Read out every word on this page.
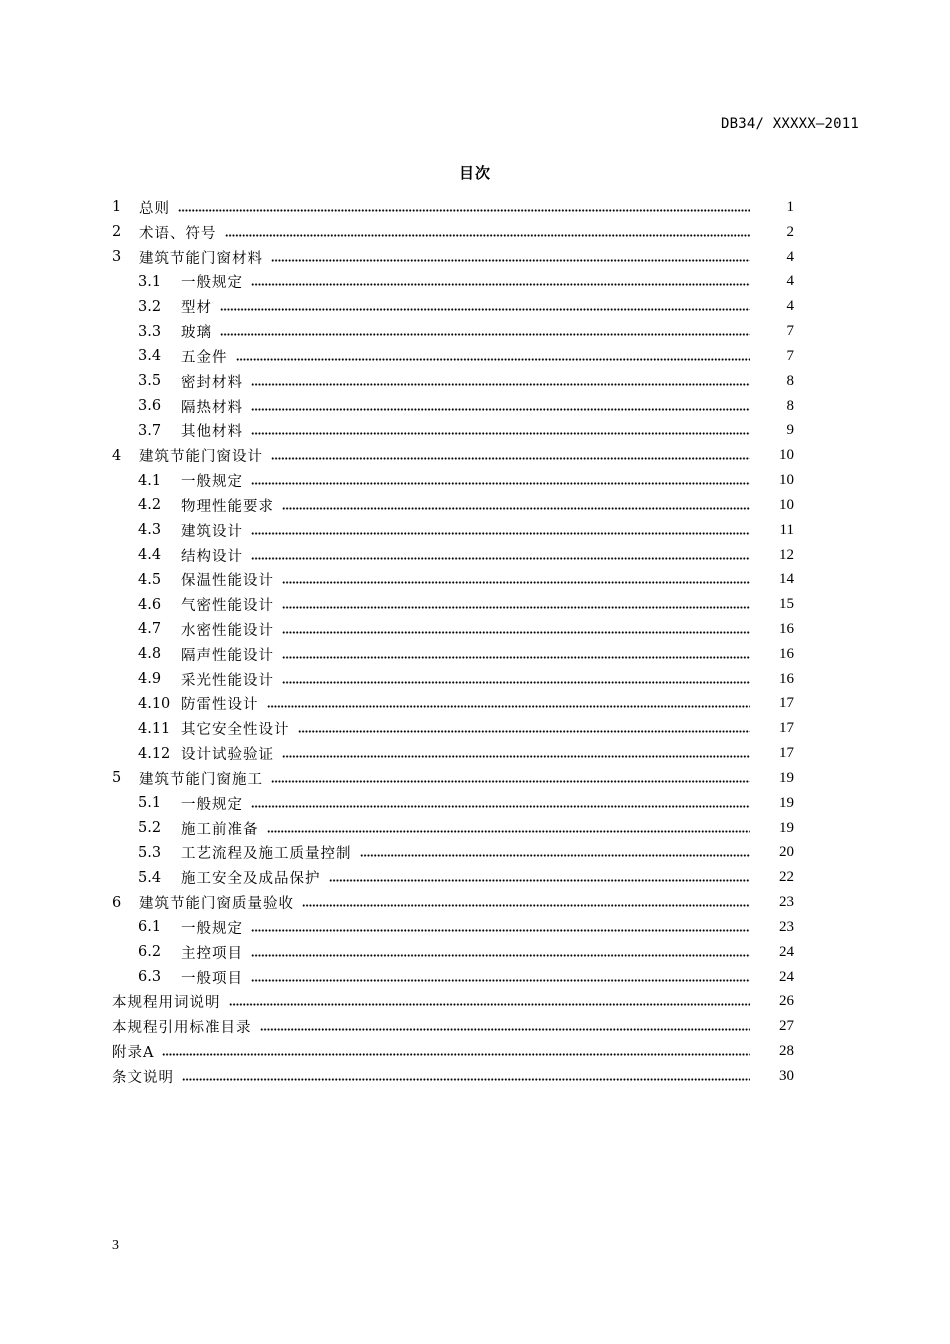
DB34/ XXXXX—2011
目次
1	总则	1
2	术语、符号	2
3	建筑节能门窗材料	4
3.1	一般规定	4
3.2	型材	4
3.3	玻璃	7
3.4	五金件	7
3.5	密封材料	8
3.6	隔热材料	8
3.7	其他材料	9
4	建筑节能门窗设计	10
4.1	一般规定	10
4.2	物理性能要求	10
4.3	建筑设计	11
4.4	结构设计	12
4.5	保温性能设计	14
4.6	气密性能设计	15
4.7	水密性能设计	16
4.8	隔声性能设计	16
4.9	采光性能设计	16
4.10 防雷性设计	17
4.11 其它安全性设计	17
4.12 设计试验验证	17
5	建筑节能门窗施工	19
5.1	一般规定	19
5.2	施工前准备	19
5.3	工艺流程及施工质量控制	20
5.4	施工安全及成品保护	22
6	建筑节能门窗质量验收	23
6.1	一般规定	23
6.2	主控项目	24
6.3	一般项目	24
本规程用词说明	26
本规程引用标准目录	27
附录A	28
条文说明	30
3
